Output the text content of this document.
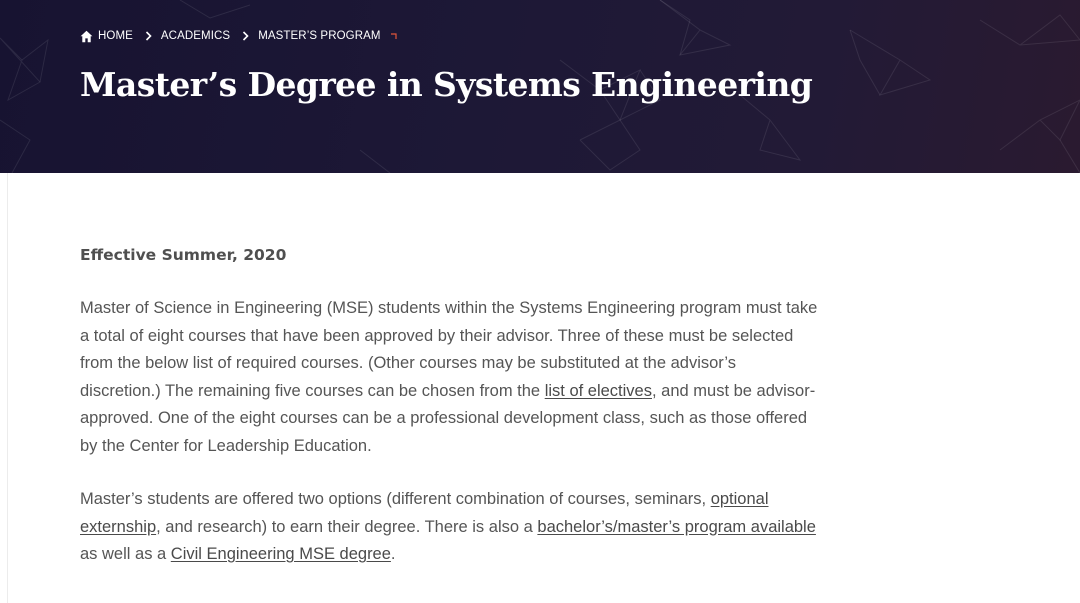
HOME ACADEMICS MASTER’S PROGRAM
Master’s Degree in Systems Engineering

Effective Summer, 2020

Master of Science in Engineering (MSE) students within the Systems Engineering program must take a total of eight courses that have been approved by their advisor. Three of these must be selected from the below list of required courses. (Other courses may be substituted at the advisor’s discretion.) The remaining five courses can be chosen from the list of electives, and must be advisor-approved. One of the eight courses can be a professional development class, such as those offered by the Center for Leadership Education.

Master’s students are offered two options (different combination of courses, seminars, optional externship, and research) to earn their degree. There is also a bachelor’s/master’s program available as well as a Civil Engineering MSE degree.
